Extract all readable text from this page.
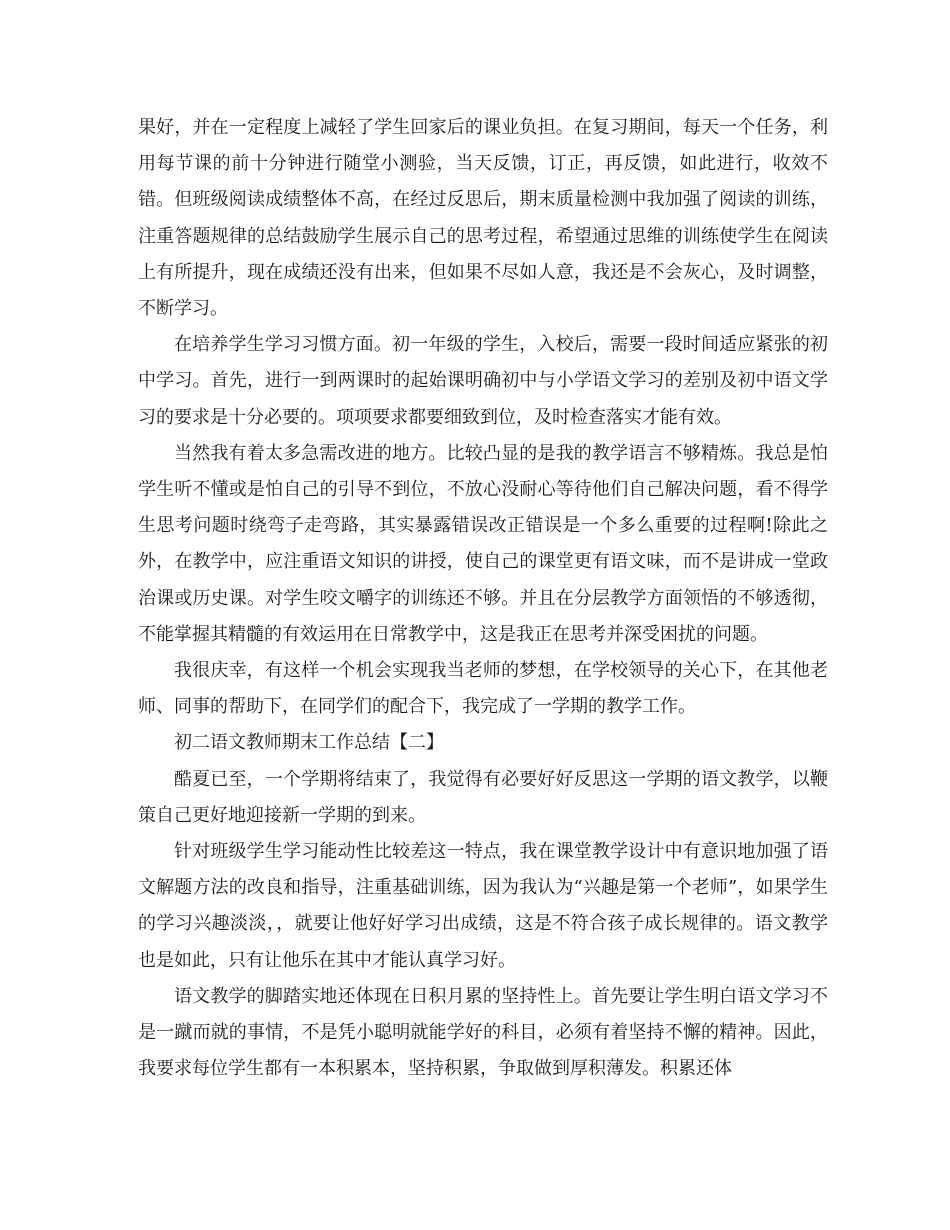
果好，并在一定程度上减轻了学生回家后的课业负担。在复习期间，每天一个任务，利用每节课的前十分钟进行随堂小测验，当天反馈，订正，再反馈，如此进行，收效不错。但班级阅读成绩整体不高，在经过反思后，期末质量检测中我加强了阅读的训练，注重答题规律的总结鼓励学生展示自己的思考过程，希望通过思维的训练使学生在阅读上有所提升，现在成绩还没有出来，但如果不尽如人意，我还是不会灰心，及时调整，不断学习。

在培养学生学习习惯方面。初一年级的学生，入校后，需要一段时间适应紧张的初中学习。首先，进行一到两课时的起始课明确初中与小学语文学习的差别及初中语文学习的要求是十分必要的。项项要求都要细致到位，及时检查落实才能有效。

当然我有着太多急需改进的地方。比较凸显的是我的教学语言不够精炼。我总是怕学生听不懂或是怕自己的引导不到位，不放心没耐心等待他们自己解决问题，看不得学生思考问题时绕弯子走弯路，其实暴露错误改正错误是一个多么重要的过程啊!除此之外，在教学中，应注重语文知识的讲授，使自己的课堂更有语文味，而不是讲成一堂政治课或历史课。对学生咬文嚼字的训练还不够。并且在分层教学方面领悟的不够透彻，不能掌握其精髓的有效运用在日常教学中，这是我正在思考并深受困扰的问题。

我很庆幸，有这样一个机会实现我当老师的梦想，在学校领导的关心下，在其他老师、同事的帮助下，在同学们的配合下，我完成了一学期的教学工作。

初二语文教师期末工作总结【二】

酷夏已至，一个学期将结束了，我觉得有必要好好反思这一学期的语文教学，以鞭策自己更好地迎接新一学期的到来。

针对班级学生学习能动性比较差这一特点，我在课堂教学设计中有意识地加强了语文解题方法的改良和指导，注重基础训练，因为我认为“兴趣是第一个老师”，如果学生的学习兴趣淡淡，，就要让他好好学习出成绩，这是不符合孩子成长规律的。语文教学也是如此，只有让他乐在其中才能认真学习好。

语文教学的脚踏实地还体现在日积月累的坚持性上。首先要让学生明白语文学习不是一蹴而就的事情，不是凭小聪明就能学好的科目，必须有着坚持不懈的精神。因此，我要求每位学生都有一本积累本，坚持积累，争取做到厚积薄发。积累还体
